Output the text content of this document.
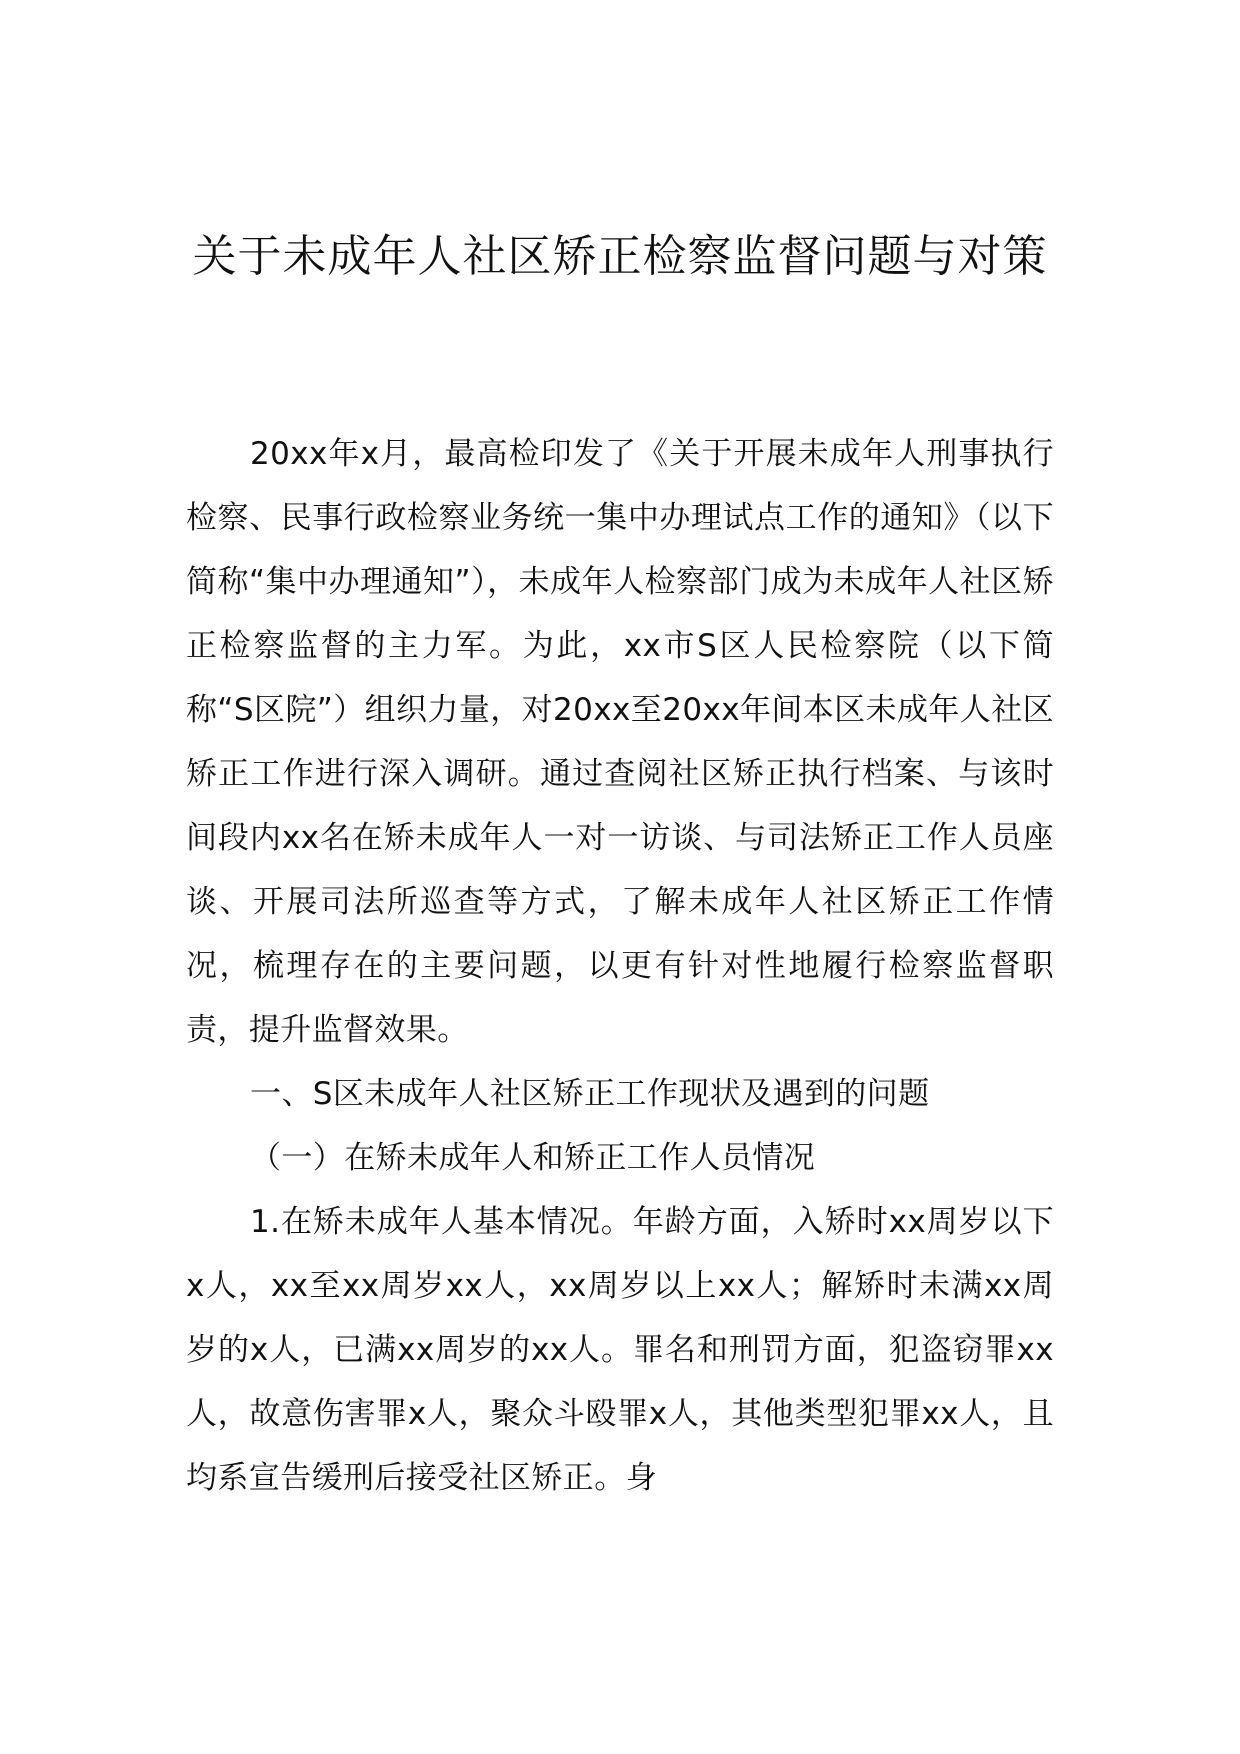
关于未成年人社区矫正检察监督问题与对策

20xx年x月，最高检印发了《关于开展未成年人刑事执行检察、民事行政检察业务统一集中办理试点工作的通知》（以下简称“集中办理通知”），未成年人检察部门成为未成年人社区矫正检察监督的主力军。为此，xx市S区人民检察院（以下简称“S区院”）组织力量，对20xx至20xx年间本区未成年人社区矫正工作进行深入调研。通过查阅社区矫正执行档案、与该时间段内xx名在矫未成年人一对一访谈、与司法矫正工作人员座谈、开展司法所巡查等方式，了解未成年人社区矫正工作情况，梳理存在的主要问题，以更有针对性地履行检察监督职责，提升监督效果。

一、S区未成年人社区矫正工作现状及遇到的问题

（一）在矫未成年人和矫正工作人员情况

1.在矫未成年人基本情况。年龄方面，入矫时xx周岁以下x人，xx至xx周岁xx人，xx周岁以上xx人；解矫时未满xx周岁的x人，已满xx周岁的xx人。罪名和刑罚方面，犯盗窃罪xx人，故意伤害罪x人，聚众斗殴罪x人，其他类型犯罪xx人，且均系宣告缓刑后接受社区矫正。身
